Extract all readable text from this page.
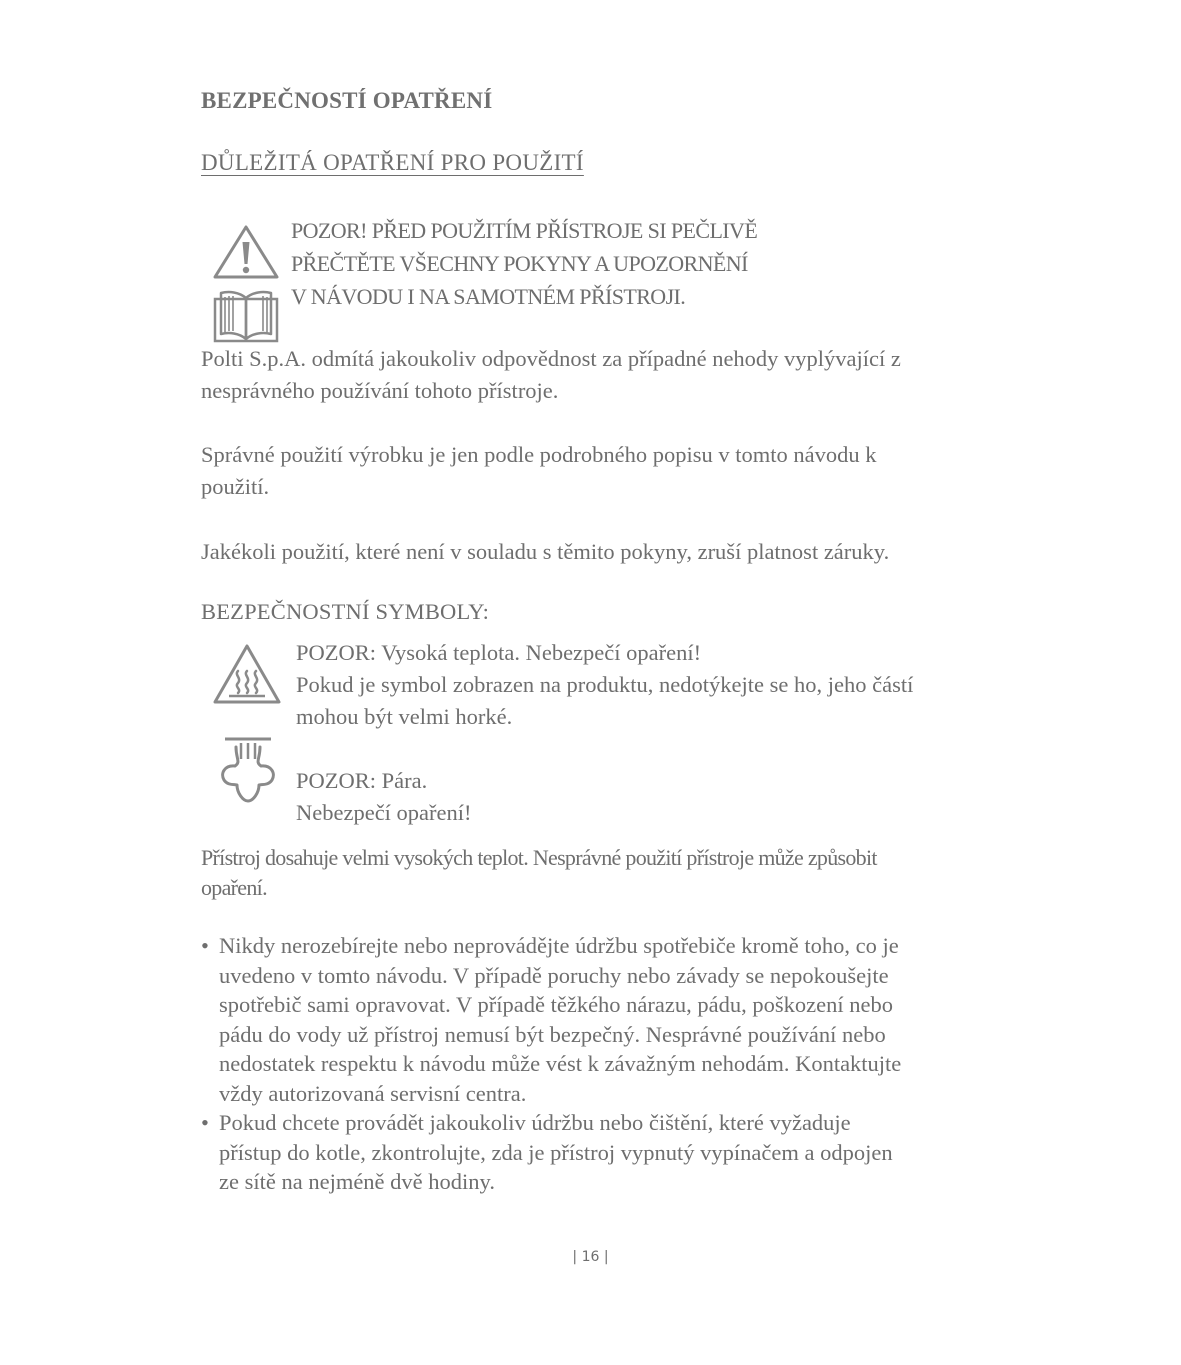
BEZPEČNOSTÍ OPATŘENÍ
DŮLEŽITÁ OPATŘENÍ PRO POUŽITÍ
POZOR! PŘED POUŽITÍM PŘÍSTROJE SI PEČLIVĚ
PŘEČTĚTE VŠECHNY POKYNY A UPOZORNĚNÍ
V NÁVODU I NA SAMOTNÉM PŘÍSTROJI.
Polti S.p.A. odmítá jakoukoliv odpovědnost za případné nehody vyplývající z
nesprávného používání tohoto přístroje.
Správné použití výrobku je jen podle podrobného popisu v tomto návodu k
použití.
Jakékoli použití, které není v souladu s těmito pokyny, zruší platnost záruky.
BEZPEČNOSTNÍ SYMBOLY:
POZOR: Vysoká teplota. Nebezpečí opaření!
Pokud je symbol zobrazen na produktu, nedotýkejte se ho, jeho částí
mohou být velmi horké.
POZOR: Pára.
Nebezpečí opaření!
Přístroj dosahuje velmi vysokých teplot. Nesprávné použití přístroje může způsobit
opaření.
• Nikdy nerozebírejte nebo neprovádějte údržbu spotřebiče kromě toho, co je
uvedeno v tomto návodu. V případě poruchy nebo závady se nepokoušejte
spotřebič sami opravovat. V případě těžkého nárazu, pádu, poškození nebo
pádu do vody už přístroj nemusí být bezpečný. Nesprávné používání nebo
nedostatek respektu k návodu může vést k závažným nehodám. Kontaktujte
vždy autorizovaná servisní centra.
• Pokud chcete provádět jakoukoliv údržbu nebo čištění, které vyžaduje
přístup do kotle, zkontrolujte, zda je přístroj vypnutý vypínačem a odpojen
ze sítě na nejméně dvě hodiny.
| 16 |
